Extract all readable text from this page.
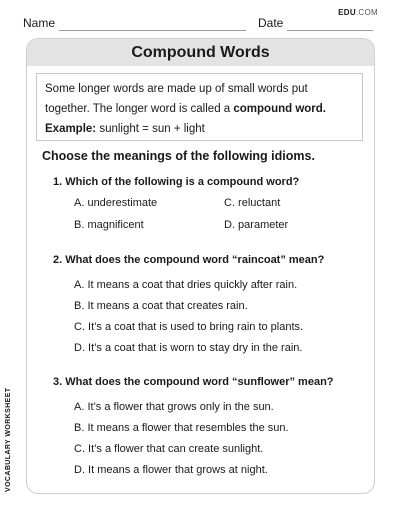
Name	Date
EDU.COM
Compound Words
Some longer words are made up of small words put
together. The longer word is called a compound word.
Example: sunlight = sun + light
Choose the meanings of the following idioms.
1. Which of the following is a compound word?
A. underestimate	C. reluctant
B. magnificent	D. parameter
2. What does the compound word “raincoat” mean?
A. It means a coat that dries quickly after rain.
B. It means a coat that creates rain.
C. It’s a coat that is used to bring rain to plants.
D. It’s a coat that is worn to stay dry in the rain.
3. What does the compound word “sunflower” mean?
A. It’s a flower that grows only in the sun.
B. It means a flower that resembles the sun.
C. It’s a flower that can create sunlight.
D. It means a flower that grows at night.
VOCABULARY WORKSHEET
